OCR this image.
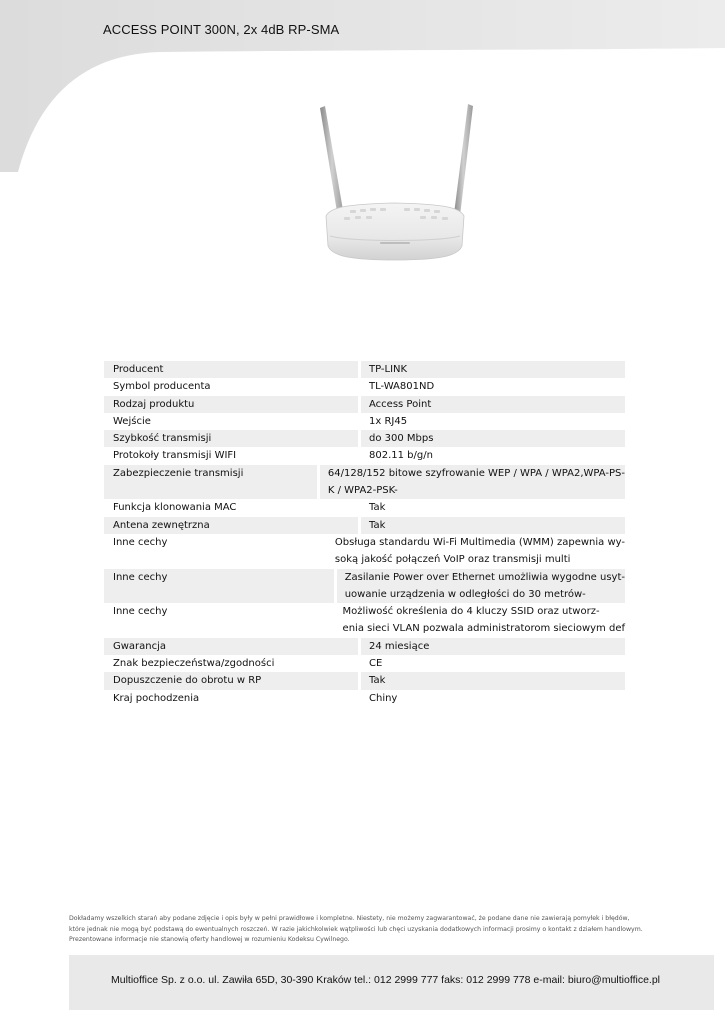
ACCESS POINT 300N, 2x 4dB RP-SMA
Producent	TP-LINK
Symbol producenta	TL-WA801ND
Rodzaj produktu	Access Point
Wejście	1x RJ45
Szybkość transmisji	do 300 Mbps
Protokoły transmisji WIFI	802.11 b/g/n
Zabezpieczenie transmisji	64/128/152 bitowe szyfrowanie WEP / WPA / WPA2,WPA-PS-
K / WPA2-PSK-
Funkcja klonowania MAC	Tak
Antena zewnętrzna	Tak
Inne cechy	Obsługa standardu Wi-Fi Multimedia (WMM) zapewnia wy-
soką jakość połączeń VoIP oraz transmisji multi
Inne cechy	Zasilanie Power over Ethernet umożliwia wygodne usyt-
uowanie urządzenia w odległości do 30 metrów-
Inne cechy	Możliwość określenia do 4 kluczy SSID oraz utworz-
enia sieci VLAN pozwala administratorom sieciowym def
Gwarancja	24 miesiące
Znak bezpieczeństwa/zgodności	CE
Dopuszczenie do obrotu w RP	Tak
Kraj pochodzenia	Chiny
Dokładamy wszelkich starań aby podane zdjęcie i opis były w pełni prawidłowe i kompletne. Niestety, nie możemy zagwarantować, że podane dane nie zawierają pomyłek i błędów,
które jednak nie mogą być podstawą do ewentualnych roszczeń. W razie jakichkolwiek wątpliwości lub chęci uzyskania dodatkowych informacji prosimy o kontakt z działem handlowym.
Prezentowane informacje nie stanowią oferty handlowej w rozumieniu Kodeksu Cywilnego.
Multioffice Sp. z o.o. ul. Zawiła 65D, 30-390 Kraków tel.: 012 2999 777 faks: 012 2999 778 e-mail: biuro@multioffice.pl
